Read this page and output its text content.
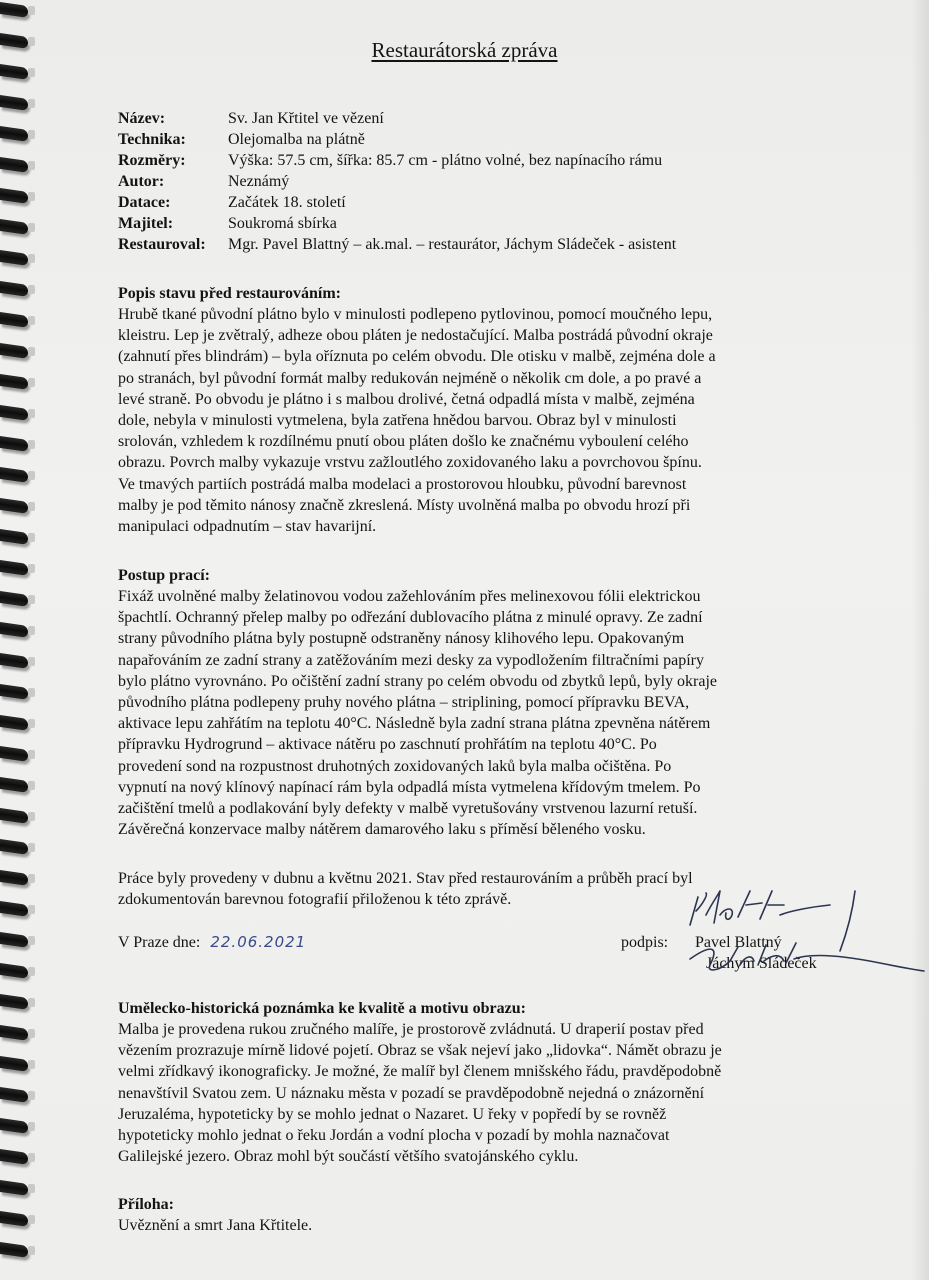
Restaurátorská zpráva
Název:	Sv. Jan Křtitel ve vězení
Technika:	Olejomalba na plátně
Rozměry:	Výška: 57.5 cm, šířka: 85.7 cm - plátno volné, bez napínacího rámu
Autor:	Neznámý
Datace:	Začátek 18. století
Majitel:	Soukromá sbírka
Restauroval: Mgr. Pavel Blattný – ak.mal. – restaurátor, Jáchym Sládeček - asistent
Popis stavu před restaurováním:
Hrubě tkané původní plátno bylo v minulosti podlepeno pytlovinou, pomocí moučného lepu,
kleistru. Lep je zvětralý, adheze obou pláten je nedostačující. Malba postrádá původní okraje
(zahnutí přes blindrám) – byla oříznuta po celém obvodu. Dle otisku v malbě, zejména dole a
po stranách, byl původní formát malby redukován nejméně o několik cm dole, a po pravé a
levé straně. Po obvodu je plátno i s malbou drolivé, četná odpadlá místa v malbě, zejména
dole, nebyla v minulosti vytmelena, byla zatřena hnědou barvou. Obraz byl v minulosti
srolován, vzhledem k rozdílnému pnutí obou pláten došlo ke značnému vyboulení celého
obrazu. Povrch malby vykazuje vrstvu zažloutlého zoxidovaného laku a povrchovou špínu.
Ve tmavých partiích postrádá malba modelaci a prostorovou hloubku, původní barevnost
malby je pod těmito nánosy značně zkreslená. Místy uvolněná malba po obvodu hrozí při
manipulaci odpadnutím – stav havarijní.
Postup prací:
Fixáž uvolněné malby želatinovou vodou zažehlováním přes melinexovou fólii elektrickou
špachtlí. Ochranný přelep malby po odřezání dublovacího plátna z minulé opravy. Ze zadní
strany původního plátna byly postupně odstraněny nánosy klihového lepu. Opakovaným
napařováním ze zadní strany a zatěžováním mezi desky za vypodložením filtračními papíry
bylo plátno vyrovnáno. Po očištění zadní strany po celém obvodu od zbytků lepů, byly okraje
původního plátna podlepeny pruhy nového plátna – striplining, pomocí přípravku BEVA,
aktivace lepu zahřátím na teplotu 40°C. Následně byla zadní strana plátna zpevněna nátěrem
přípravku Hydrogrund – aktivace nátěru po zaschnutí prohřátím na teplotu 40°C. Po
provedení sond na rozpustnost druhotných zoxidovaných laků byla malba očištěna. Po
vypnutí na nový klínový napínací rám byla odpadlá místa vytmelena křídovým tmelem. Po
začištění tmelů a podlakování byly defekty v malbě vyretušovány vrstvenou lazurní retuší.
Závěrečná konzervace malby nátěrem damarového laku s příměsí běleného vosku.
Práce byly provedeny v dubnu a květnu 2021. Stav před restaurováním a průběh prací byl
zdokumentován barevnou fotografií přiloženou k této zprávě.
V Praze dne: 22.06.2021	podpis: Pavel Blattný
Jáchym Sládeček
Umělecko-historická poznámka ke kvalitě a motivu obrazu:
Malba je provedena rukou zručného malíře, je prostorově zvládnutá. U draperií postav před
vězením prozrazuje mírně lidové pojetí. Obraz se však nejeví jako „lidovka“. Námět obrazu je
velmi zřídkavý ikonograficky. Je možné, že malíř byl členem mnišského řádu, pravděpodobně
nenavštívil Svatou zem. U náznaku města v pozadí se pravděpodobně nejedná o znázornění
Jeruzaléma, hypoteticky by se mohlo jednat o Nazaret. U řeky v popředí by se rovněž
hypoteticky mohlo jednat o řeku Jordán a vodní plocha v pozadí by mohla naznačovat
Galilejské jezero. Obraz mohl být součástí většího svatojánského cyklu.
Příloha:
Uvěznění a smrt Jana Křtitele.
